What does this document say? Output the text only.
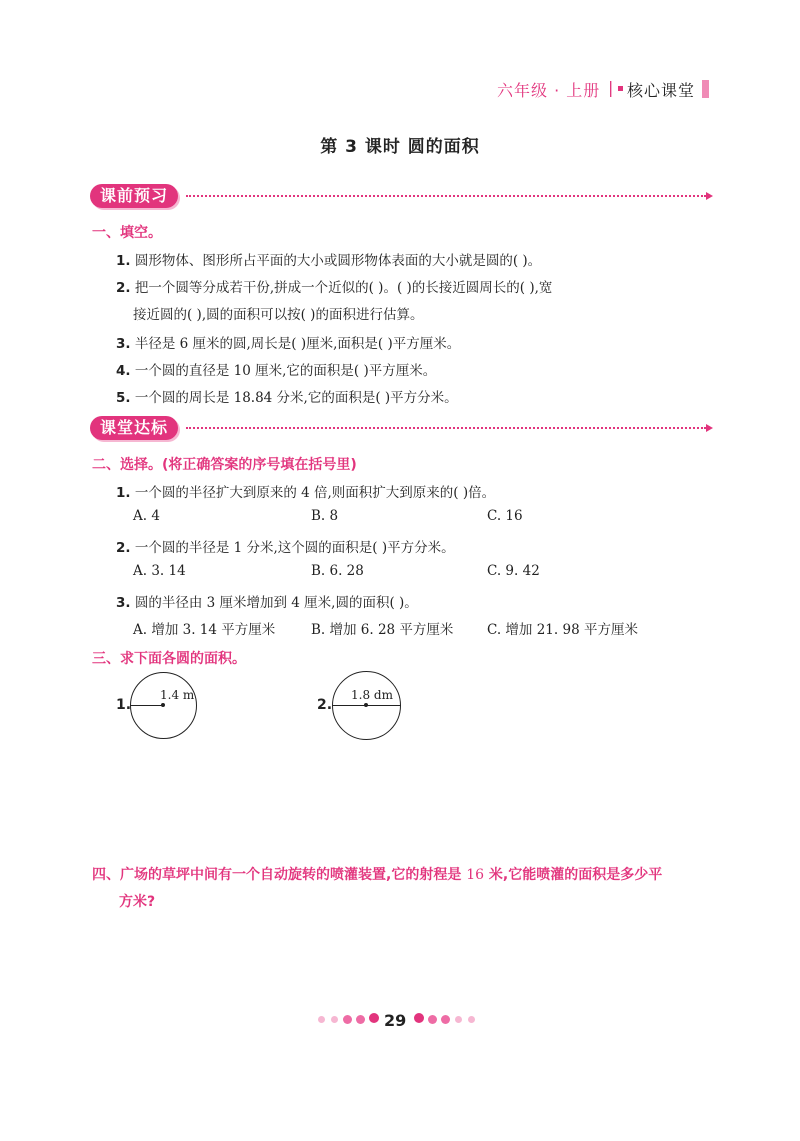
六年级 · 上册 | 核心课堂
第 3 课时 圆的面积
课前预习
一、填空。
1. 圆形物体、图形所占平面的大小或圆形物体表面的大小就是圆的( )。
2. 把一个圆等分成若干份,拼成一个近似的( )。( )的长接近圆周长的( ),宽
接近圆的( ),圆的面积可以按( )的面积进行估算。
3. 半径是 6 厘米的圆,周长是( )厘米,面积是( )平方厘米。
4. 一个圆的直径是 10 厘米,它的面积是( )平方厘米。
5. 一个圆的周长是 18.84 分米,它的面积是( )平方分米。
课堂达标
二、选择。(将正确答案的序号填在括号里)
1. 一个圆的半径扩大到原来的 4 倍,则面积扩大到原来的( )倍。
A. 4	B. 8	C. 16
2. 一个圆的半径是 1 分米,这个圆的面积是( )平方分米。
A. 3. 14	B. 6. 28	C. 9. 42
3. 圆的半径由 3 厘米增加到 4 厘米,圆的面积( )。
A. 增加 3. 14 平方厘米	B. 增加 6. 28 平方厘米 C. 增加 21. 98 平方厘米
三、求下面各圆的面积。
1.
1.4 m
2.
1.8 dm
四、广场的草坪中间有一个自动旋转的喷灌装置,它的射程是 16 米,它能喷灌的面积是多少平
方米?
29
